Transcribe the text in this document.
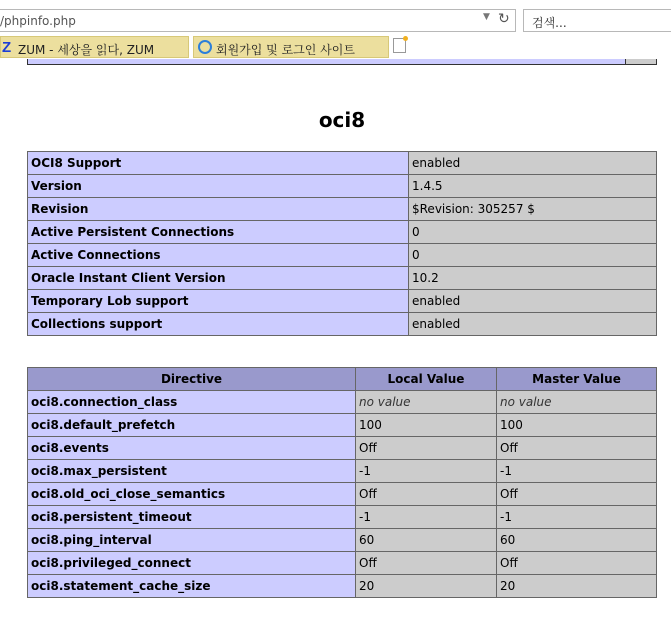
/phpinfo.php	▼ ↻ 검색...
Z ZUM - 세상을 읽다, ZUM	회원가입 및 로그인 사이트
oci8
OCI8 Support	enabled
Version	1.4.5
Revision	$Revision: 305257 $
Active Persistent Connections	0
Active Connections	0
Oracle Instant Client Version	10.2
Temporary Lob support	enabled
Collections support	enabled
Directive	Local Value	Master Value
oci8.connection_class	no value	no value
oci8.default_prefetch	100	100
oci8.events	Off	Off
oci8.max_persistent	-1	-1
oci8.old_oci_close_semantics	Off	Off
oci8.persistent_timeout	-1	-1
oci8.ping_interval	60	60
oci8.privileged_connect	Off	Off
oci8.statement_cache_size	20	20
